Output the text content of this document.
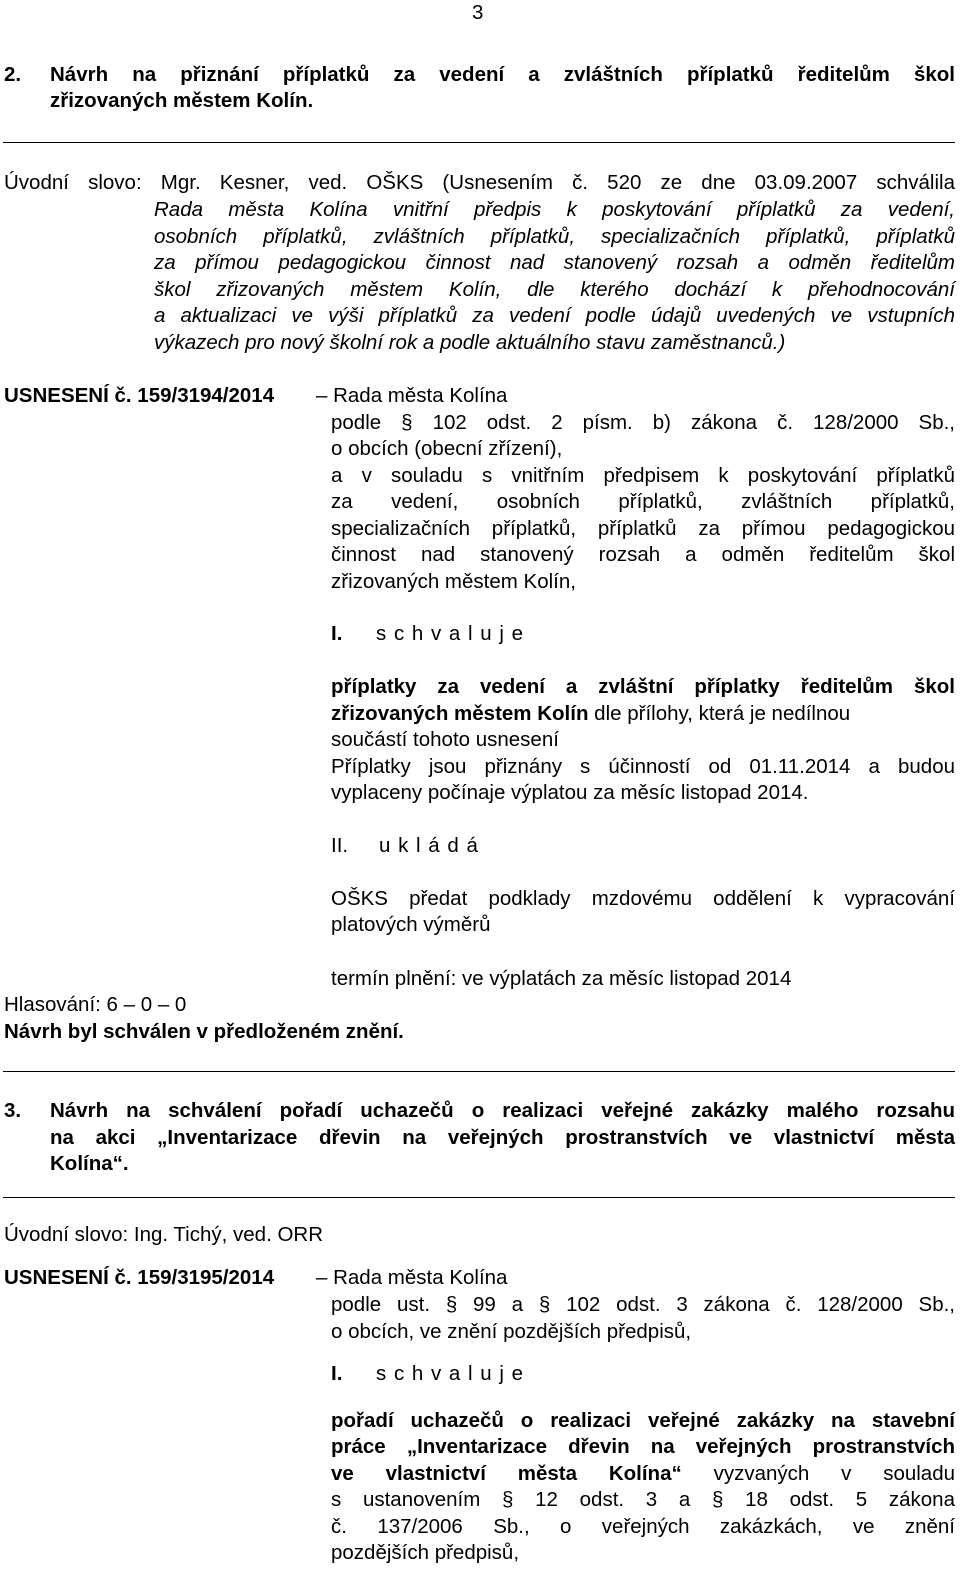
3
2. Návrh na přiznání příplatků za vedení a zvláštních příplatků ředitelům škol
zřizovaných městem Kolín.
Úvodní slovo: Mgr. Kesner, ved. OŠKS (Usnesením č. 520 ze dne 03.09.2007 schválila
Rada města Kolína vnitřní předpis k poskytování příplatků za vedení,
osobních příplatků, zvláštních příplatků, specializačních příplatků, příplatků
za přímou pedagogickou činnost nad stanovený rozsah a odměn ředitelům
škol zřizovaných městem Kolín, dle kterého dochází k přehodnocování
a aktualizaci ve výši příplatků za vedení podle údajů uvedených ve vstupních
výkazech pro nový školní rok a podle aktuálního stavu zaměstnanců.)
USNESENÍ č. 159/3194/2014 – Rada města Kolína
podle § 102 odst. 2 písm. b) zákona č. 128/2000 Sb.,
o obcích (obecní zřízení),
a v souladu s vnitřním předpisem k poskytování příplatků
za vedení, osobních příplatků, zvláštních příplatků,
specializačních příplatků, příplatků za přímou pedagogickou
činnost nad stanovený rozsah a odměn ředitelům škol
zřizovaných městem Kolín,
I. s c h v a l u j e
příplatky za vedení a zvláštní příplatky ředitelům škol
zřizovaných městem Kolín dle přílohy, která je nedílnou
součástí tohoto usnesení
Příplatky jsou přiznány s účinností od 01.11.2014 a budou
vyplaceny počínaje výplatou za měsíc listopad 2014.
II. u k l á d á
OŠKS předat podklady mzdovému oddělení k vypracování
platových výměrů
termín plnění: ve výplatách za měsíc listopad 2014
Hlasování: 6 – 0 – 0
Návrh byl schválen v předloženém znění.
3. Návrh na schválení pořadí uchazečů o realizaci veřejné zakázky malého rozsahu
na akci „Inventarizace dřevin na veřejných prostranstvích ve vlastnictví města
Kolína“.
Úvodní slovo: Ing. Tichý, ved. ORR
USNESENÍ č. 159/3195/2014 – Rada města Kolína
podle ust. § 99 a § 102 odst. 3 zákona č. 128/2000 Sb.,
o obcích, ve znění pozdějších předpisů,
I. s c h v a l u j e
pořadí uchazečů o realizaci veřejné zakázky na stavební
práce „Inventarizace dřevin na veřejných prostranstvích
ve vlastnictví města Kolína“ vyzvaných v souladu
s ustanovením § 12 odst. 3 a § 18 odst. 5 zákona
č. 137/2006 Sb., o veřejných zakázkách, ve znění
pozdějších předpisů,
